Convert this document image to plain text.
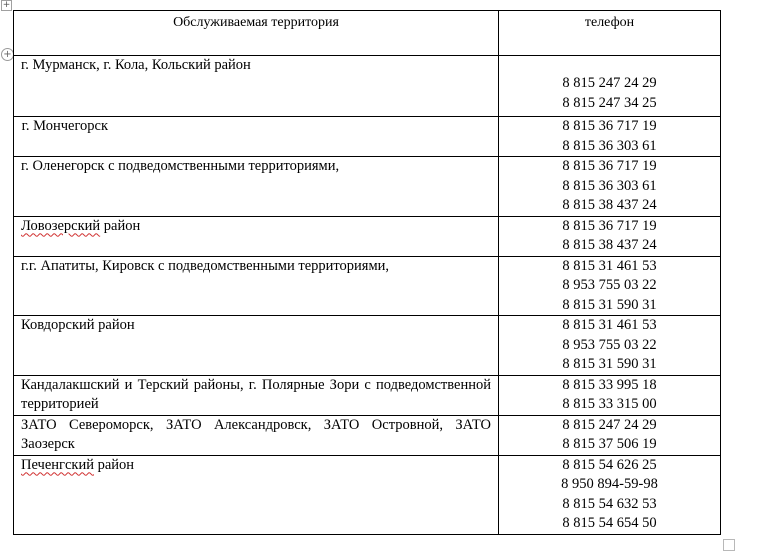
+
+
Обслуживаемая территория	телефон
г. Мурманск, г. Кола, Кольский район	8 815 247 24 29
8 815 247 34 25

г. Мончегорск	8 815 36 717 19
8 815 36 303 61

г. Оленегорск с подведомственными территориями,	8 815 36 717 19
8 815 36 303 61
8 815 38 437 24

Ловозерский район	8 815 36 717 19
8 815 38 437 24

г.г. Апатиты, Кировск с подведомственными территориями,	8 815 31 461 53
8 953 755 03 22
8 815 31 590 31

Ковдорский район	8 815 31 461 53
8 953 755 03 22
8 815 31 590 31

Кандалакшский и Терский районы, г. Полярные Зори с подведомственной территорией	8 815 33 995 18
8 815 33 315 00

ЗАТО Североморск, ЗАТО Александровск, ЗАТО Островной, ЗАТО Заозерск	8 815 247 24 29
8 815 37 506 19

Печенгский район	8 815 54 626 25
8 950 894-59-98
8 815 54 632 53
8 815 54 654 50
